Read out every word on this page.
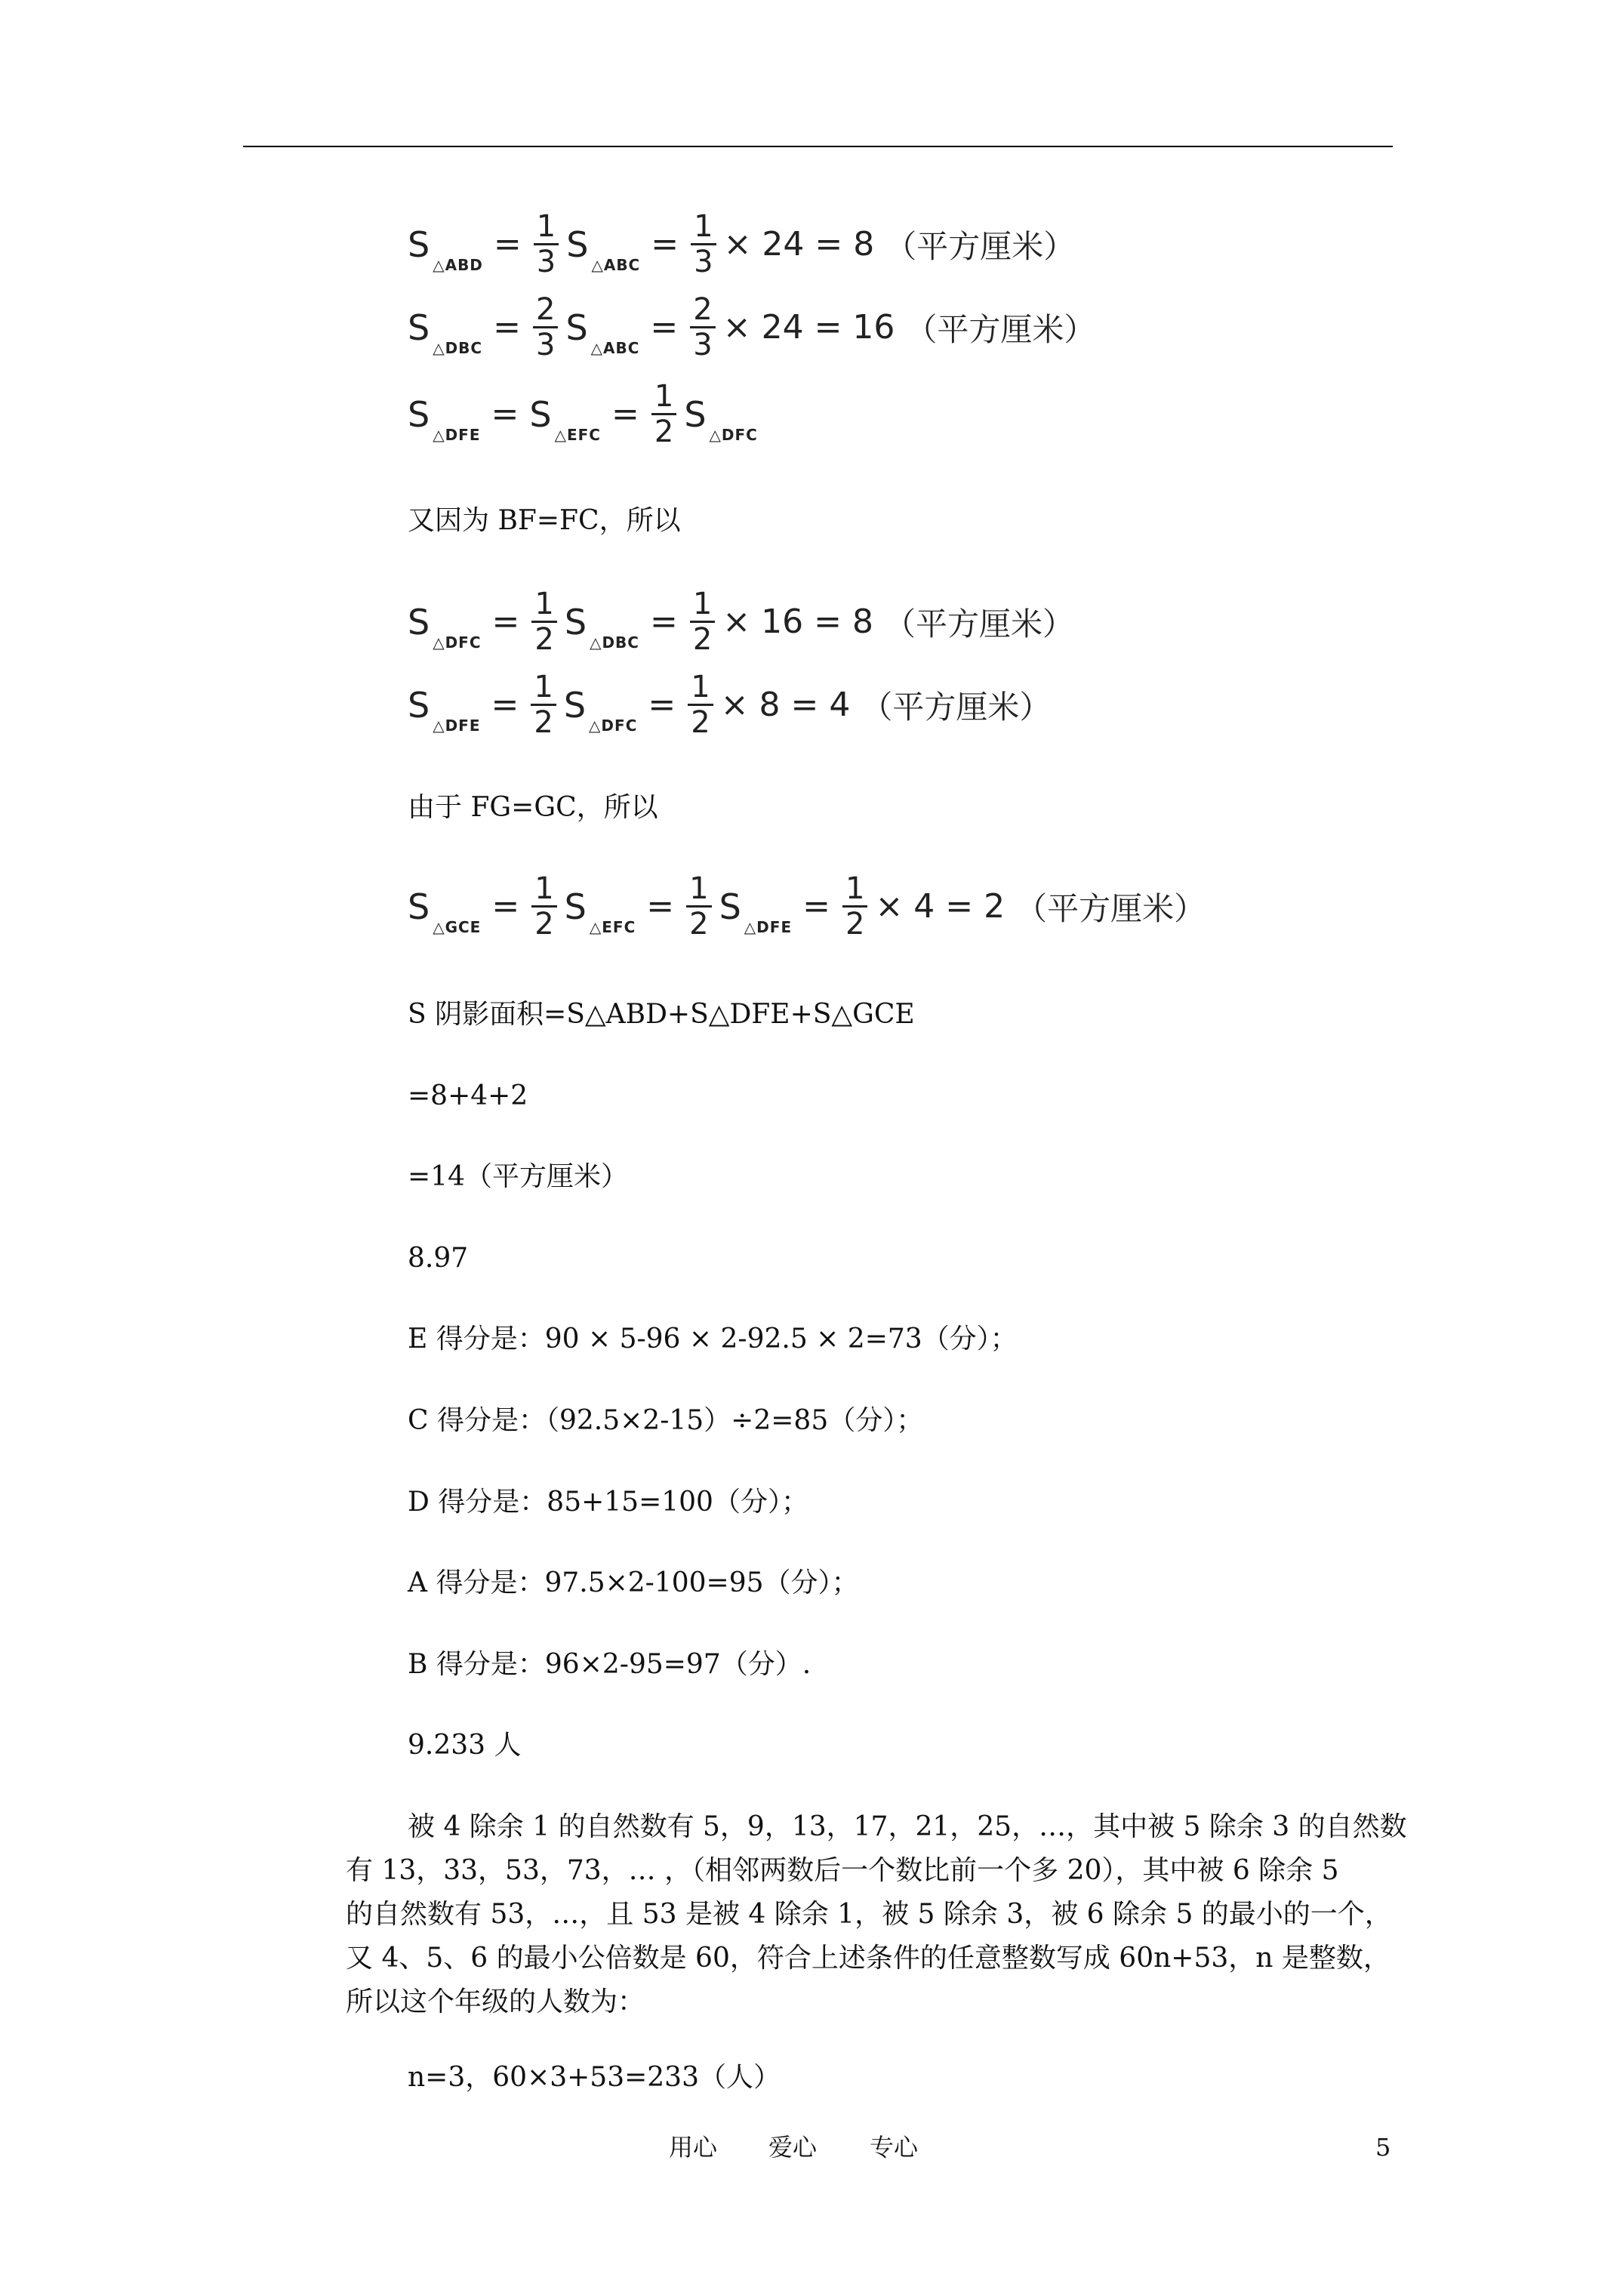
S
△ABD
= $\frac{1}{3}$ S
△ABC
= $\frac{1}{3} \times 24 = 8$ （平方厘米）
S
△DBC
= $\frac{2}{3}$ S
△ABC
= $\frac{2}{3} \times 24 = 16$ （平方厘米）
S
△DFE
= S
△EFC
= $\frac{1}{2}$ S
△DFC
又因为 BF=FC，所以
S
△DFC
= $\frac{1}{2}$ S
△DBC
= $\frac{1}{2} \times 16 = 8$ （平方厘米）
S
△DFE
= $\frac{1}{2}$ S
△DFC
= $\frac{1}{2} \times 8 = 4$ （平方厘米）
由于 FG=GC，所以
S
△GCE
= $\frac{1}{2}$ S
△EFC
= $\frac{1}{2}$ S
△DFE
= $\frac{1}{2} \times 4 = 2$ （平方厘米）
S 阴影面积=S△ABD+S△DFE+S△GCE
=8+4+2
=14（平方厘米）
8.97
E 得分是：90 × 5-96 × 2-92.5 × 2=73（分）；
C 得分是：（92.5×2-15）÷2=85（分）；
D 得分是：85+15=100（分）；
A 得分是：97.5×2-100=95（分）；
B 得分是：96×2-95=97（分）.
9.233 人
被 4 除余 1 的自然数有 5，9，13，17，21，25，…，其中被 5 除余 3 的自然数
有 13，33，53，73，… ，（相邻两数后一个数比前一个多 20），其中被 6 除余 5
的自然数有 53，…，且 53 是被 4 除余 1，被 5 除余 3，被 6 除余 5 的最小的一个，
又 4、5、6 的最小公倍数是 60，符合上述条件的任意整数写成 60n+53，n 是整数，
所以这个年级的人数为：
n=3，60×3+53=233（人）
用心 爱心 专心	5
